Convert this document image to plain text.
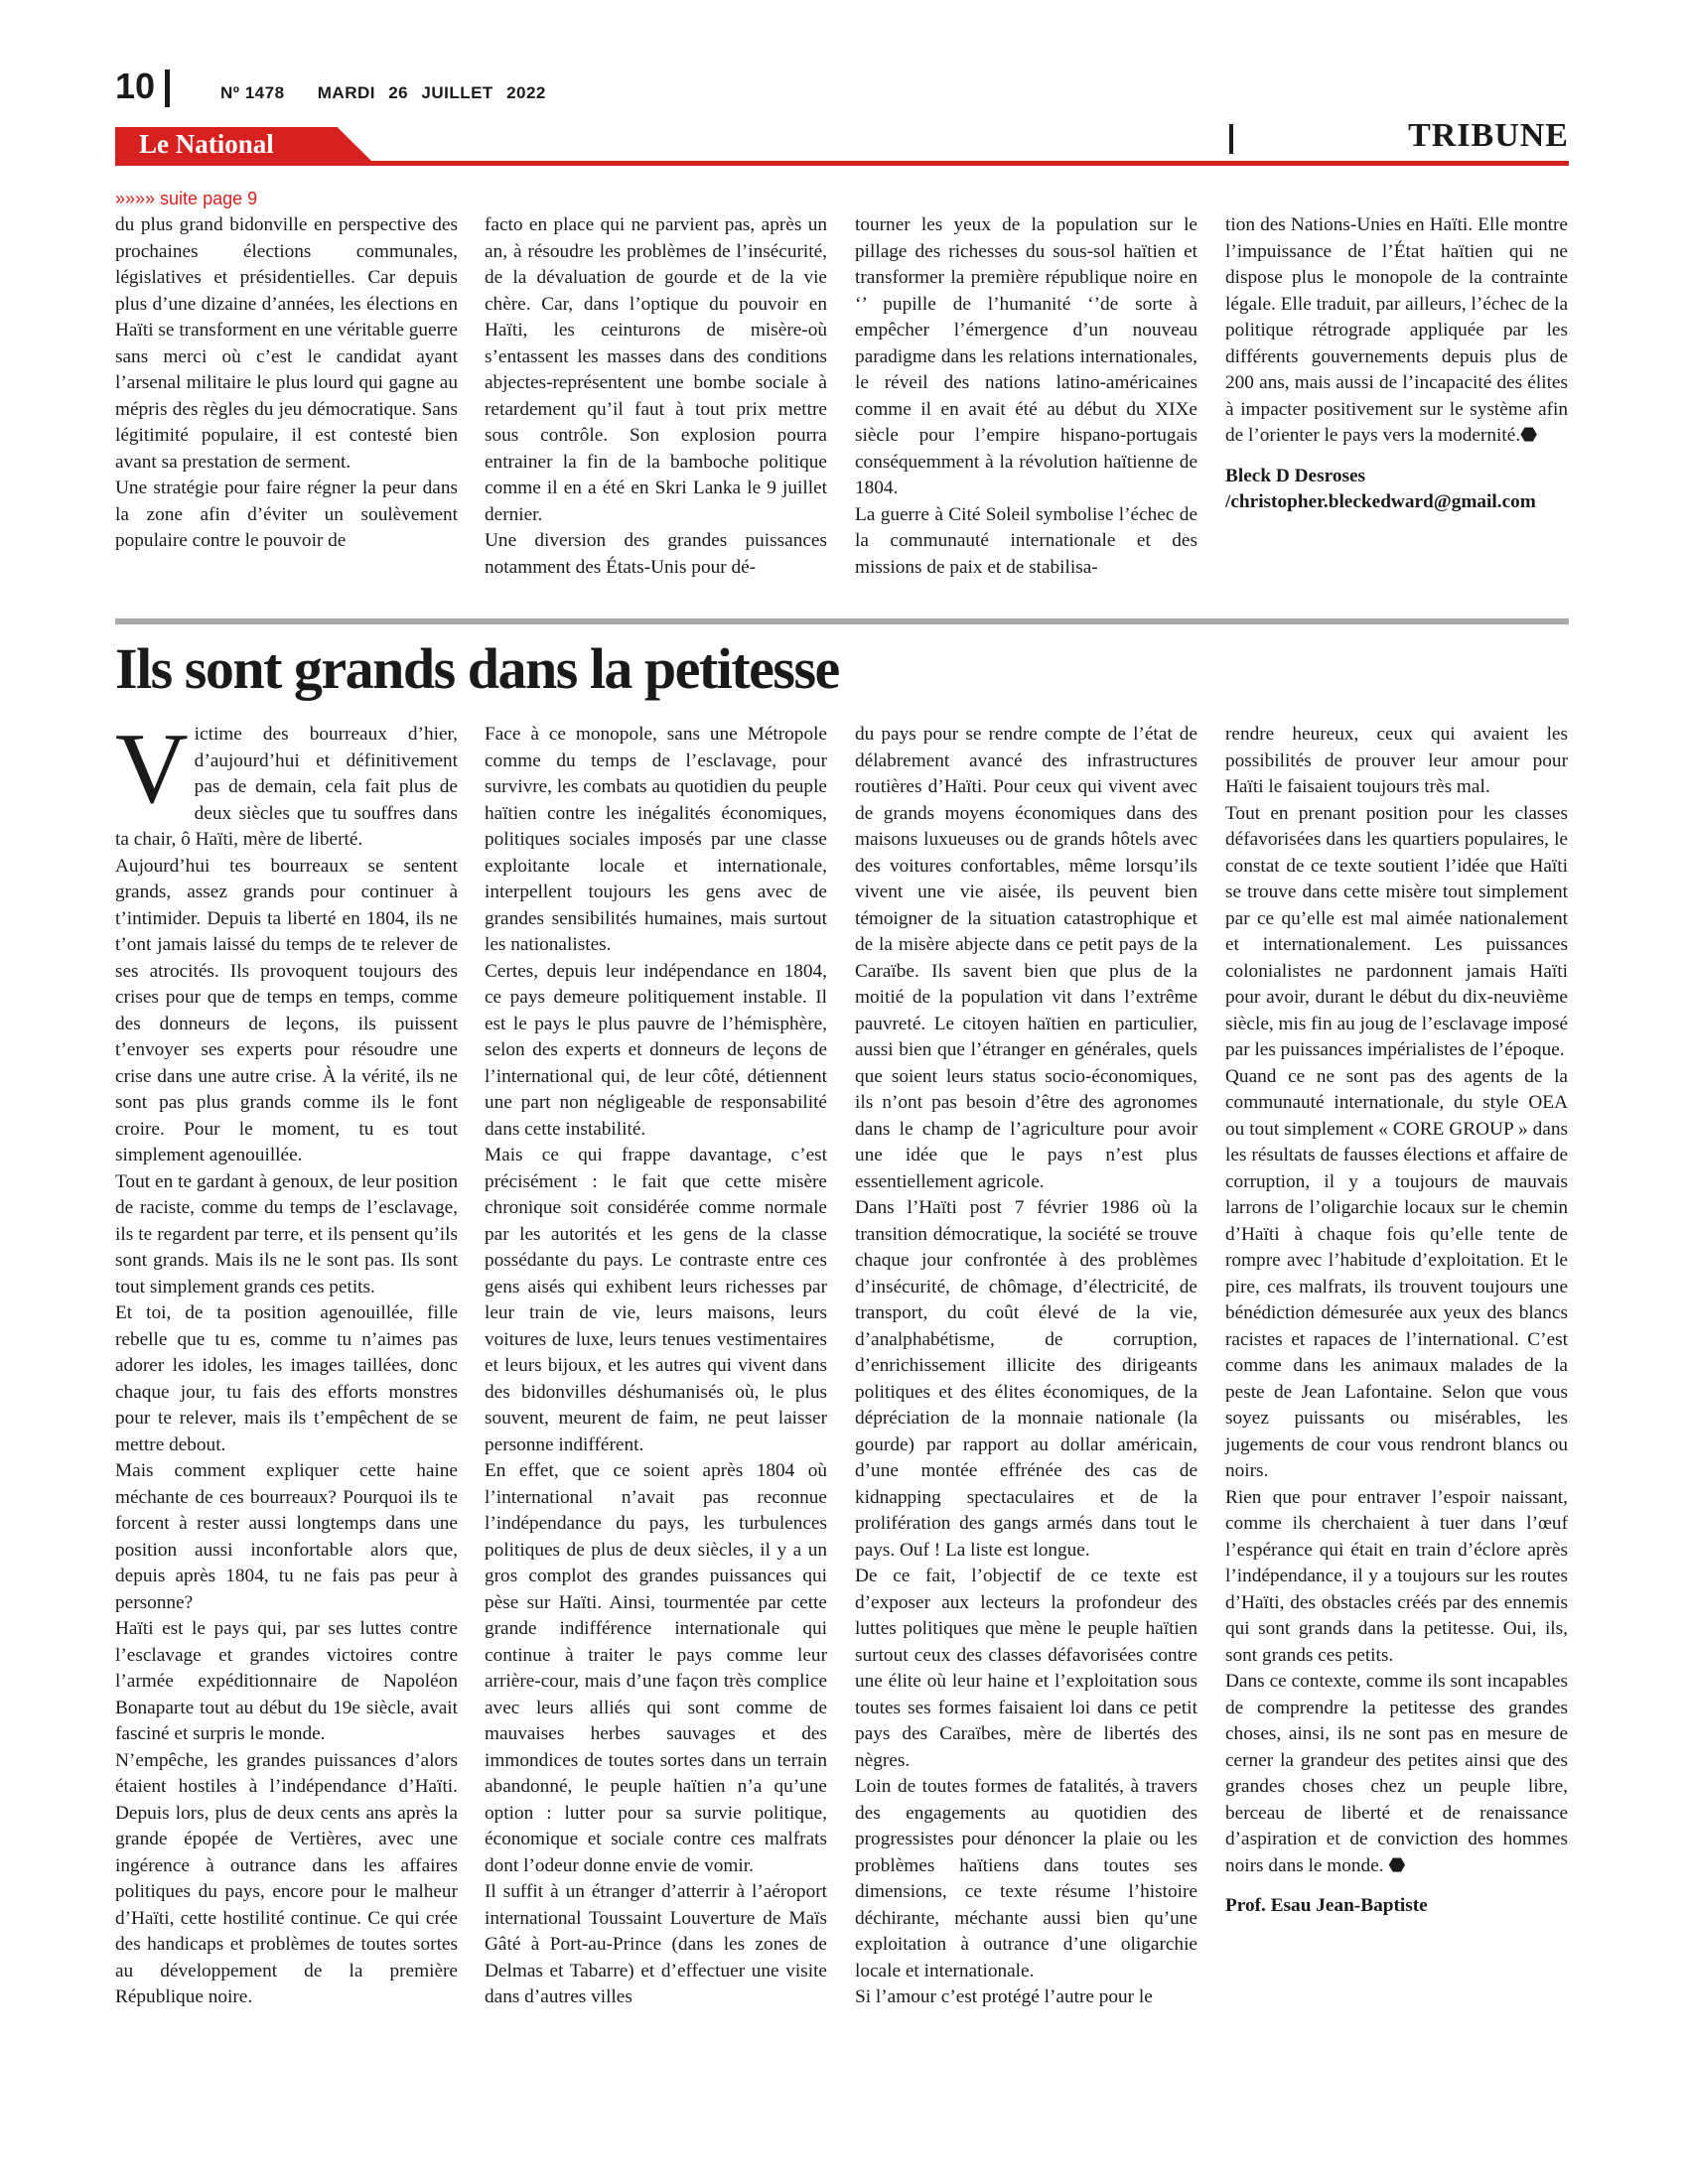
10	Nº 1478 MARDI 26 JUILLET 2022
Le National	TRIBUNE
»»»» suite page 9

du plus grand bidonville en perspective des prochaines élections communales, législatives et présidentielles. Car depuis plus d’une dizaine d’années, les élections en Haïti se transforment en une véritable guerre sans merci où c’est le candidat ayant l’arsenal militaire le plus lourd qui gagne au mépris des règles du jeu démocratique. Sans légitimité populaire, il est contesté bien avant sa prestation de serment.

Une stratégie pour faire régner la peur dans la zone afin d’éviter un soulèvement populaire contre le pouvoir de

facto en place qui ne parvient pas, après un an, à résoudre les problèmes de l’insécurité, de la dévaluation de gourde et de la vie chère. Car, dans l’optique du pouvoir en Haïti, les ceinturons de misère-où s’entassent les masses dans des conditions abjectes-représentent une bombe sociale à retardement qu’il faut à tout prix mettre sous contrôle. Son explosion pourra entrainer la fin de la bamboche politique comme il en a été en Skri Lanka le 9 juillet dernier.

Une diversion des grandes puissances notamment des États-Unis pour dé-

tourner les yeux de la population sur le pillage des richesses du sous-sol haïtien et transformer la première république noire en ‘’ pupille de l’humanité ‘’de sorte à empêcher l’émergence d’un nouveau paradigme dans les relations internationales, le réveil des nations latino-américaines comme il en avait été au début du XIXe siècle pour l’empire hispano-portugais conséquemment à la révolution haïtienne de 1804.

La guerre à Cité Soleil symbolise l’échec de la communauté internationale et des missions de paix et de stabilisa-

tion des Nations-Unies en Haïti. Elle montre l’impuissance de l’État haïtien qui ne dispose plus le monopole de la contrainte légale. Elle traduit, par ailleurs, l’échec de la politique rétrograde appliquée par les différents gouvernements depuis plus de 200 ans, mais aussi de l’incapacité des élites à impacter positivement sur le système afin de l’orienter le pays vers la modernité.⬣

Bleck D Desroses

/christopher.bleckedward@gmail.com

Ils sont grands dans la petitesse

Victime des bourreaux d’hier, d’aujourd’hui et définitivement pas de demain, cela fait plus de deux siècles que tu souffres dans ta chair, ô Haïti, mère de liberté.

Aujourd’hui tes bourreaux se sentent grands, assez grands pour continuer à t’intimider. Depuis ta liberté en 1804, ils ne t’ont jamais laissé du temps de te relever de ses atrocités. Ils provoquent toujours des crises pour que de temps en temps, comme des donneurs de leçons, ils puissent t’envoyer ses experts pour résoudre une crise dans une autre crise. À la vérité, ils ne sont pas plus grands comme ils le font croire. Pour le moment, tu es tout simplement agenouillée.

Tout en te gardant à genoux, de leur position de raciste, comme du temps de l’esclavage, ils te regardent par terre, et ils pensent qu’ils sont grands. Mais ils ne le sont pas. Ils sont tout simplement grands ces petits.

Et toi, de ta position agenouillée, fille rebelle que tu es, comme tu n’aimes pas adorer les idoles, les images taillées, donc chaque jour, tu fais des efforts monstres pour te relever, mais ils t’empêchent de se mettre debout.

Mais comment expliquer cette haine méchante de ces bourreaux? Pourquoi ils te forcent à rester aussi longtemps dans une position aussi inconfortable alors que, depuis après 1804, tu ne fais pas peur à personne?

Haïti est le pays qui, par ses luttes contre l’esclavage et grandes victoires contre l’armée expéditionnaire de Napoléon Bonaparte tout au début du 19e siècle, avait fasciné et surpris le monde.

N’empêche, les grandes puissances d’alors étaient hostiles à l’indépendance d’Haïti. Depuis lors, plus de deux cents ans après la grande épopée de Vertières, avec une ingérence à outrance dans les affaires politiques du pays, encore pour le malheur d’Haïti, cette hostilité continue. Ce qui crée des handicaps et problèmes de toutes sortes au développement de la première République noire.

Face à ce monopole, sans une Métropole comme du temps de l’esclavage, pour survivre, les combats au quotidien du peuple haïtien contre les inégalités économiques, politiques sociales imposés par une classe exploitante locale et internationale, interpellent toujours les gens avec de grandes sensibilités humaines, mais surtout les nationalistes.

Certes, depuis leur indépendance en 1804, ce pays demeure politiquement instable. Il est le pays le plus pauvre de l’hémisphère, selon des experts et donneurs de leçons de l’international qui, de leur côté, détiennent une part non négligeable de responsabilité dans cette instabilité.

Mais ce qui frappe davantage, c’est précisément : le fait que cette misère chronique soit considérée comme normale par les autorités et les gens de la classe possédante du pays. Le contraste entre ces gens aisés qui exhibent leurs richesses par leur train de vie, leurs maisons, leurs voitures de luxe, leurs tenues vestimentaires et leurs bijoux, et les autres qui vivent dans des bidonvilles déshumanisés où, le plus souvent, meurent de faim, ne peut laisser personne indifférent.

En effet, que ce soient après 1804 où l’international n’avait pas reconnue l’indépendance du pays, les turbulences politiques de plus de deux siècles, il y a un gros complot des grandes puissances qui pèse sur Haïti. Ainsi, tourmentée par cette grande indifférence internationale qui continue à traiter le pays comme leur arrière-cour, mais d’une façon très complice avec leurs alliés qui sont comme de mauvaises herbes sauvages et des immondices de toutes sortes dans un terrain abandonné, le peuple haïtien n’a qu’une option : lutter pour sa survie politique, économique et sociale contre ces malfrats dont l’odeur donne envie de vomir.

Il suffit à un étranger d’atterrir à l’aéroport international Toussaint Louverture de Maïs Gâté à Port-au-Prince (dans les zones de Delmas et Tabarre) et d’effectuer une visite dans d’autres villes

du pays pour se rendre compte de l’état de délabrement avancé des infrastructures routières d’Haïti. Pour ceux qui vivent avec de grands moyens économiques dans des maisons luxueuses ou de grands hôtels avec des voitures confortables, même lorsqu’ils vivent une vie aisée, ils peuvent bien témoigner de la situation catastrophique et de la misère abjecte dans ce petit pays de la Caraïbe. Ils savent bien que plus de la moitié de la population vit dans l’extrême pauvreté. Le citoyen haïtien en particulier, aussi bien que l’étranger en générales, quels que soient leurs status socio-économiques, ils n’ont pas besoin d’être des agronomes dans le champ de l’agriculture pour avoir une idée que le pays n’est plus essentiellement agricole.

Dans l’Haïti post 7 février 1986 où la transition démocratique, la société se trouve chaque jour confrontée à des problèmes d’insécurité, de chômage, d’électricité, de transport, du coût élevé de la vie, d’analphabétisme, de corruption, d’enrichissement illicite des dirigeants politiques et des élites économiques, de la dépréciation de la monnaie nationale (la gourde) par rapport au dollar américain, d’une montée effrénée des cas de kidnapping spectaculaires et de la prolifération des gangs armés dans tout le pays. Ouf ! La liste est longue.

De ce fait, l’objectif de ce texte est d’exposer aux lecteurs la profondeur des luttes politiques que mène le peuple haïtien surtout ceux des classes défavorisées contre une élite où leur haine et l’exploitation sous toutes ses formes faisaient loi dans ce petit pays des Caraïbes, mère de libertés des nègres.

Loin de toutes formes de fatalités, à travers des engagements au quotidien des progressistes pour dénoncer la plaie ou les problèmes haïtiens dans toutes ses dimensions, ce texte résume l’histoire déchirante, méchante aussi bien qu’une exploitation à outrance d’une oligarchie locale et internationale.

Si l’amour c’est protégé l’autre pour le

rendre heureux, ceux qui avaient les possibilités de prouver leur amour pour Haïti le faisaient toujours très mal.

Tout en prenant position pour les classes défavorisées dans les quartiers populaires, le constat de ce texte soutient l’idée que Haïti se trouve dans cette misère tout simplement par ce qu’elle est mal aimée nationalement et internationalement. Les puissances colonialistes ne pardonnent jamais Haïti pour avoir, durant le début du dix-neuvième siècle, mis fin au joug de l’esclavage imposé par les puissances impérialistes de l’époque.

Quand ce ne sont pas des agents de la communauté internationale, du style OEA ou tout simplement « CORE GROUP » dans les résultats de fausses élections et affaire de corruption, il y a toujours de mauvais larrons de l’oligarchie locaux sur le chemin d’Haïti à chaque fois qu’elle tente de rompre avec l’habitude d’exploitation. Et le pire, ces malfrats, ils trouvent toujours une bénédiction démesurée aux yeux des blancs racistes et rapaces de l’international. C’est comme dans les animaux malades de la peste de Jean Lafontaine. Selon que vous soyez puissants ou misérables, les jugements de cour vous rendront blancs ou noirs.

Rien que pour entraver l’espoir naissant, comme ils cherchaient à tuer dans l’œuf l’espérance qui était en train d’éclore après l’indépendance, il y a toujours sur les routes d’Haïti, des obstacles créés par des ennemis qui sont grands dans la petitesse. Oui, ils, sont grands ces petits.

Dans ce contexte, comme ils sont incapables de comprendre la petitesse des grandes choses, ainsi, ils ne sont pas en mesure de cerner la grandeur des petites ainsi que des grandes choses chez un peuple libre, berceau de liberté et de renaissance d’aspiration et de conviction des hommes noirs dans le monde. ⬣

Prof. Esau Jean-Baptiste
